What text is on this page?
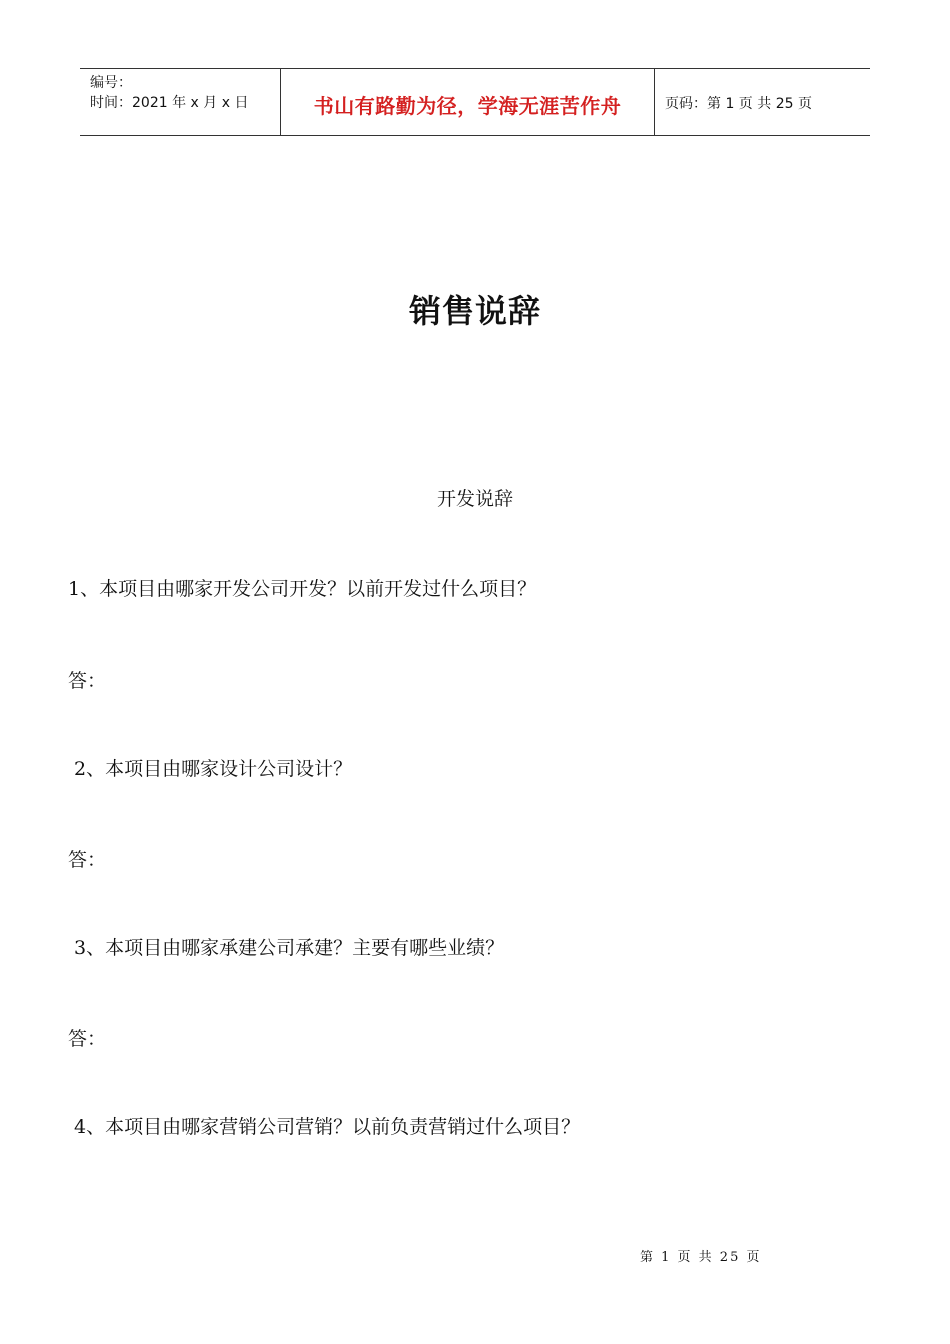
编号：
时间：2021 年 x 月 x 日	书山有路勤为径，学海无涯苦作舟	页码：第 1 页 共 25 页
销售说辞
开发说辞
1、本项目由哪家开发公司开发？以前开发过什么项目？
答：
2、本项目由哪家设计公司设计？
答：
3、本项目由哪家承建公司承建？主要有哪些业绩？
答：
4、本项目由哪家营销公司营销？以前负责营销过什么项目？
第 1 页 共 25 页
